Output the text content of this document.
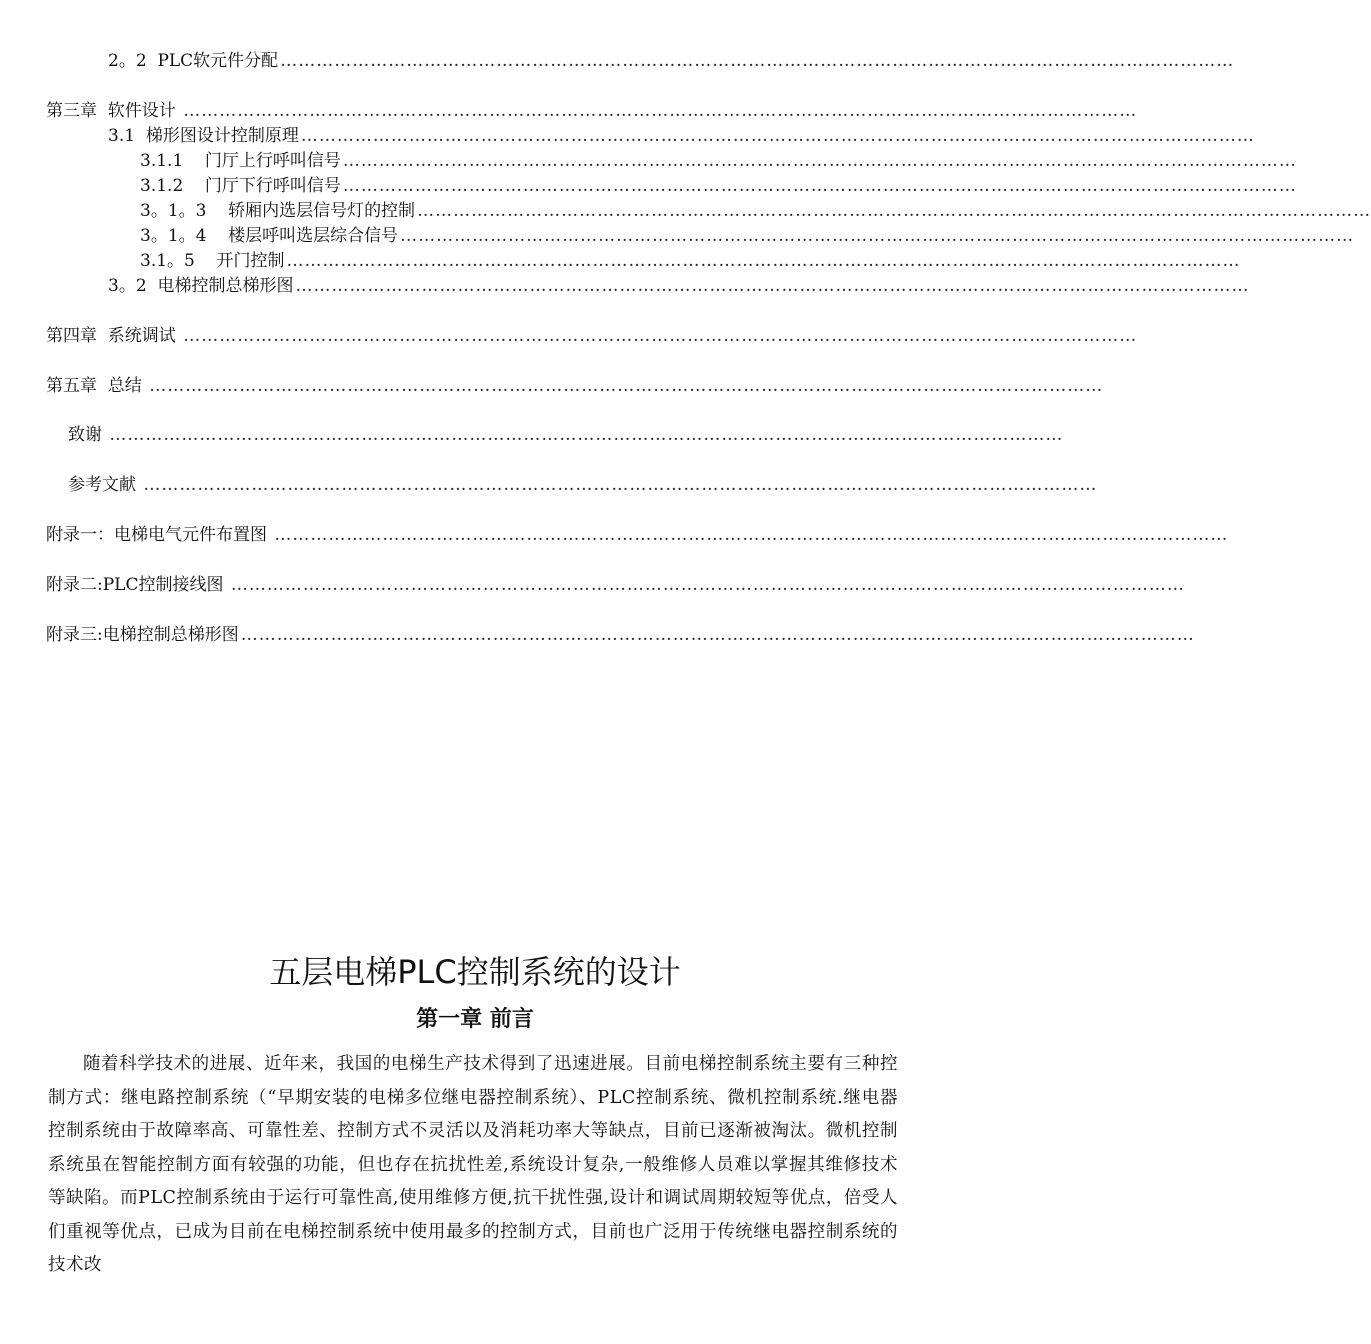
2。2  PLC软元件分配 ……………………………………………………………………………………………………………………………………………
第三章  软件设计 ……………………………………………………………………………………………………………………………………………
3.1  梯形图设计控制原理 ……………………………………………………………………………………………………………………………………………
3.1.1    门厅上行呼叫信号 ……………………………………………………………………………………………………………………………………………
3.1.2    门厅下行呼叫信号 ……………………………………………………………………………………………………………………………………………
3。1。3    轿厢内选层信号灯的控制 ……………………………………………………………………………………………………………………………………………
3。1。4    楼层呼叫选层综合信号 ……………………………………………………………………………………………………………………………………………
3.1。5    开门控制 ……………………………………………………………………………………………………………………………………………
3。2  电梯控制总梯形图 ……………………………………………………………………………………………………………………………………………
第四章  系统调试 ……………………………………………………………………………………………………………………………………………
第五章  总结 ……………………………………………………………………………………………………………………………………………
致谢 ……………………………………………………………………………………………………………………………………………
参考文献 ……………………………………………………………………………………………………………………………………………
附录一：电梯电气元件布置图 ……………………………………………………………………………………………………………………………………………
附录二:PLC控制接线图 ……………………………………………………………………………………………………………………………………………
附录三:电梯控制总梯形图 ……………………………………………………………………………………………………………………………………………
五层电梯PLC控制系统的设计
第一章 前言

随着科学技术的进展、近年来，我国的电梯生产技术得到了迅速进展。目前电梯控制系统主要有三种控制方式：继电路控制系统（“早期安装的电梯多位继电器控制系统）、PLC控制系统、微机控制系统.继电器控制系统由于故障率高、可靠性差、控制方式不灵活以及消耗功率大等缺点，目前已逐渐被淘汰。微机控制系统虽在智能控制方面有较强的功能，但也存在抗扰性差,系统设计复杂,一般维修人员难以掌握其维修技术等缺陷。而PLC控制系统由于运行可靠性高,使用维修方便,抗干扰性强,设计和调试周期较短等优点，倍受人们重视等优点，已成为目前在电梯控制系统中使用最多的控制方式，目前也广泛用于传统继电器控制系统的技术改
